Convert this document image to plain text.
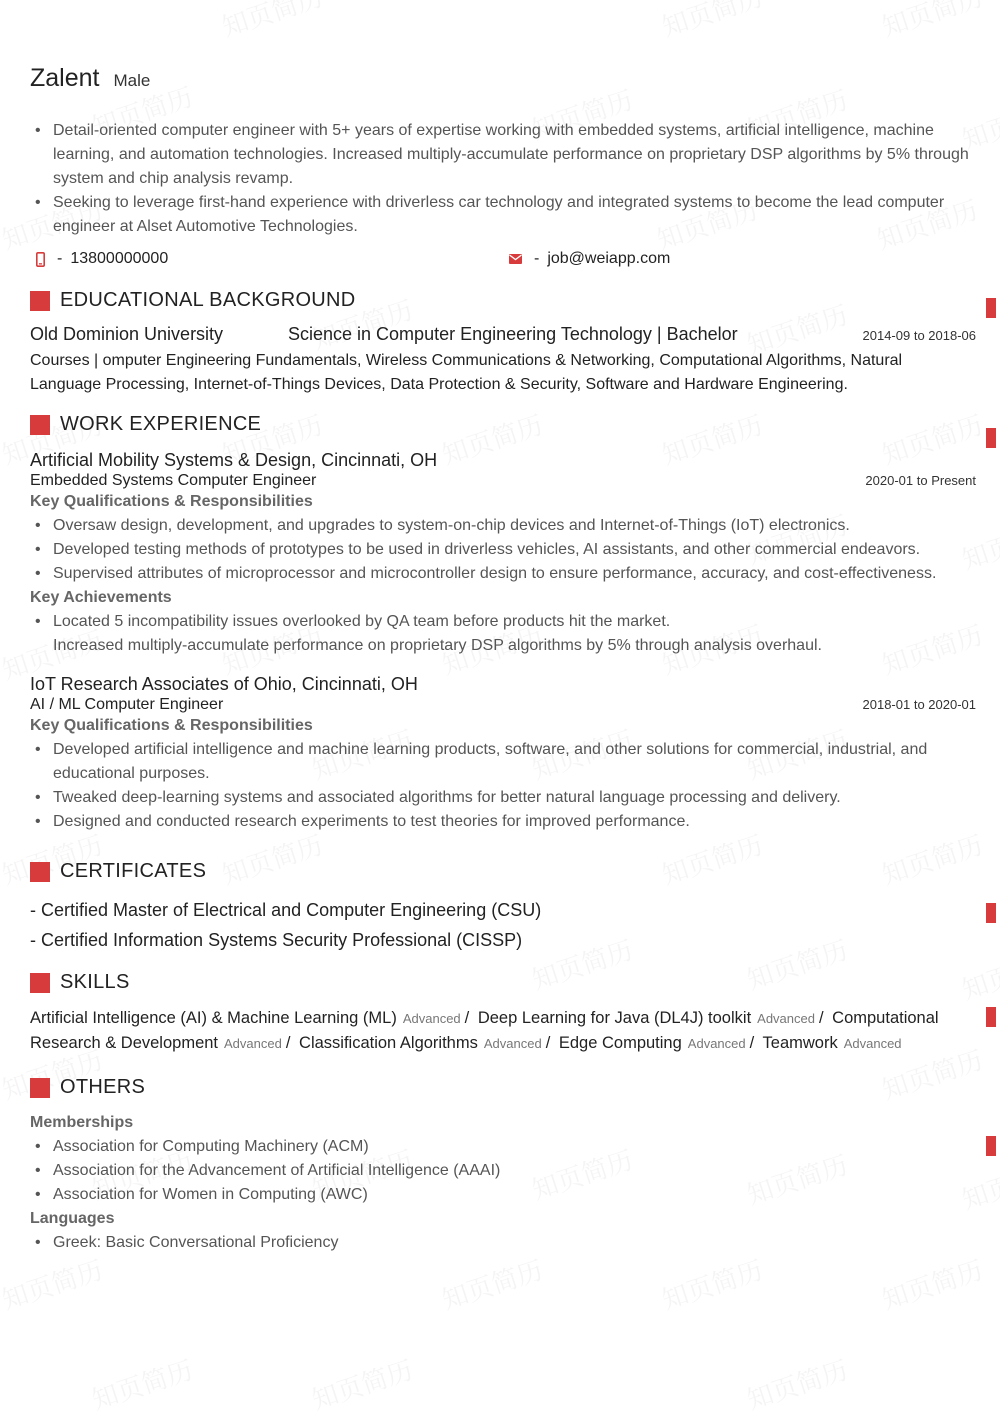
Zalent Male
• Detail-oriented computer engineer with 5+ years of expertise working with embedded systems, artificial intelligence, machine learning, and automation technologies. Increased multiply-accumulate performance on proprietary DSP algorithms by 5% through system and chip analysis revamp.
• Seeking to leverage first-hand experience with driverless car technology and integrated systems to become the lead computer engineer at Alset Automotive Technologies.
- 13800000000	- job@weiapp.com
EDUCATIONAL BACKGROUND
Old Dominion University	Science in Computer Engineering Technology | Bachelor	2014-09 to 2018-06
Courses | omputer Engineering Fundamentals, Wireless Communications & Networking, Computational Algorithms, Natural Language Processing, Internet-of-Things Devices, Data Protection & Security, Software and Hardware Engineering.
WORK EXPERIENCE
Artificial Mobility Systems & Design, Cincinnati, OH
Embedded Systems Computer Engineer	2020-01 to Present
Key Qualifications & Responsibilities
• Oversaw design, development, and upgrades to system-on-chip devices and Internet-of-Things (IoT) electronics.
• Developed testing methods of prototypes to be used in driverless vehicles, AI assistants, and other commercial endeavors.
• Supervised attributes of microprocessor and microcontroller design to ensure performance, accuracy, and cost-effectiveness.
Key Achievements
• Located 5 incompatibility issues overlooked by QA team before products hit the market.
Increased multiply-accumulate performance on proprietary DSP algorithms by 5% through analysis overhaul.
IoT Research Associates of Ohio, Cincinnati, OH
AI / ML Computer Engineer	2018-01 to 2020-01
Key Qualifications & Responsibilities
• Developed artificial intelligence and machine learning products, software, and other solutions for commercial, industrial, and educational purposes.
• Tweaked deep-learning systems and associated algorithms for better natural language processing and delivery.
• Designed and conducted research experiments to test theories for improved performance.
CERTIFICATES
- Certified Master of Electrical and Computer Engineering (CSU)
- Certified Information Systems Security Professional (CISSP)
SKILLS
Artificial Intelligence (AI) & Machine Learning (ML) Advanced / Deep Learning for Java (DL4J) toolkit Advanced / Computational Research & Development Advanced / Classification Algorithms Advanced / Edge Computing Advanced / Teamwork Advanced
OTHERS
Memberships
• Association for Computing Machinery (ACM)
• Association for the Advancement of Artificial Intelligence (AAAI)
• Association for Women in Computing (AWC)
Languages
• Greek: Basic Conversational Proficiency
